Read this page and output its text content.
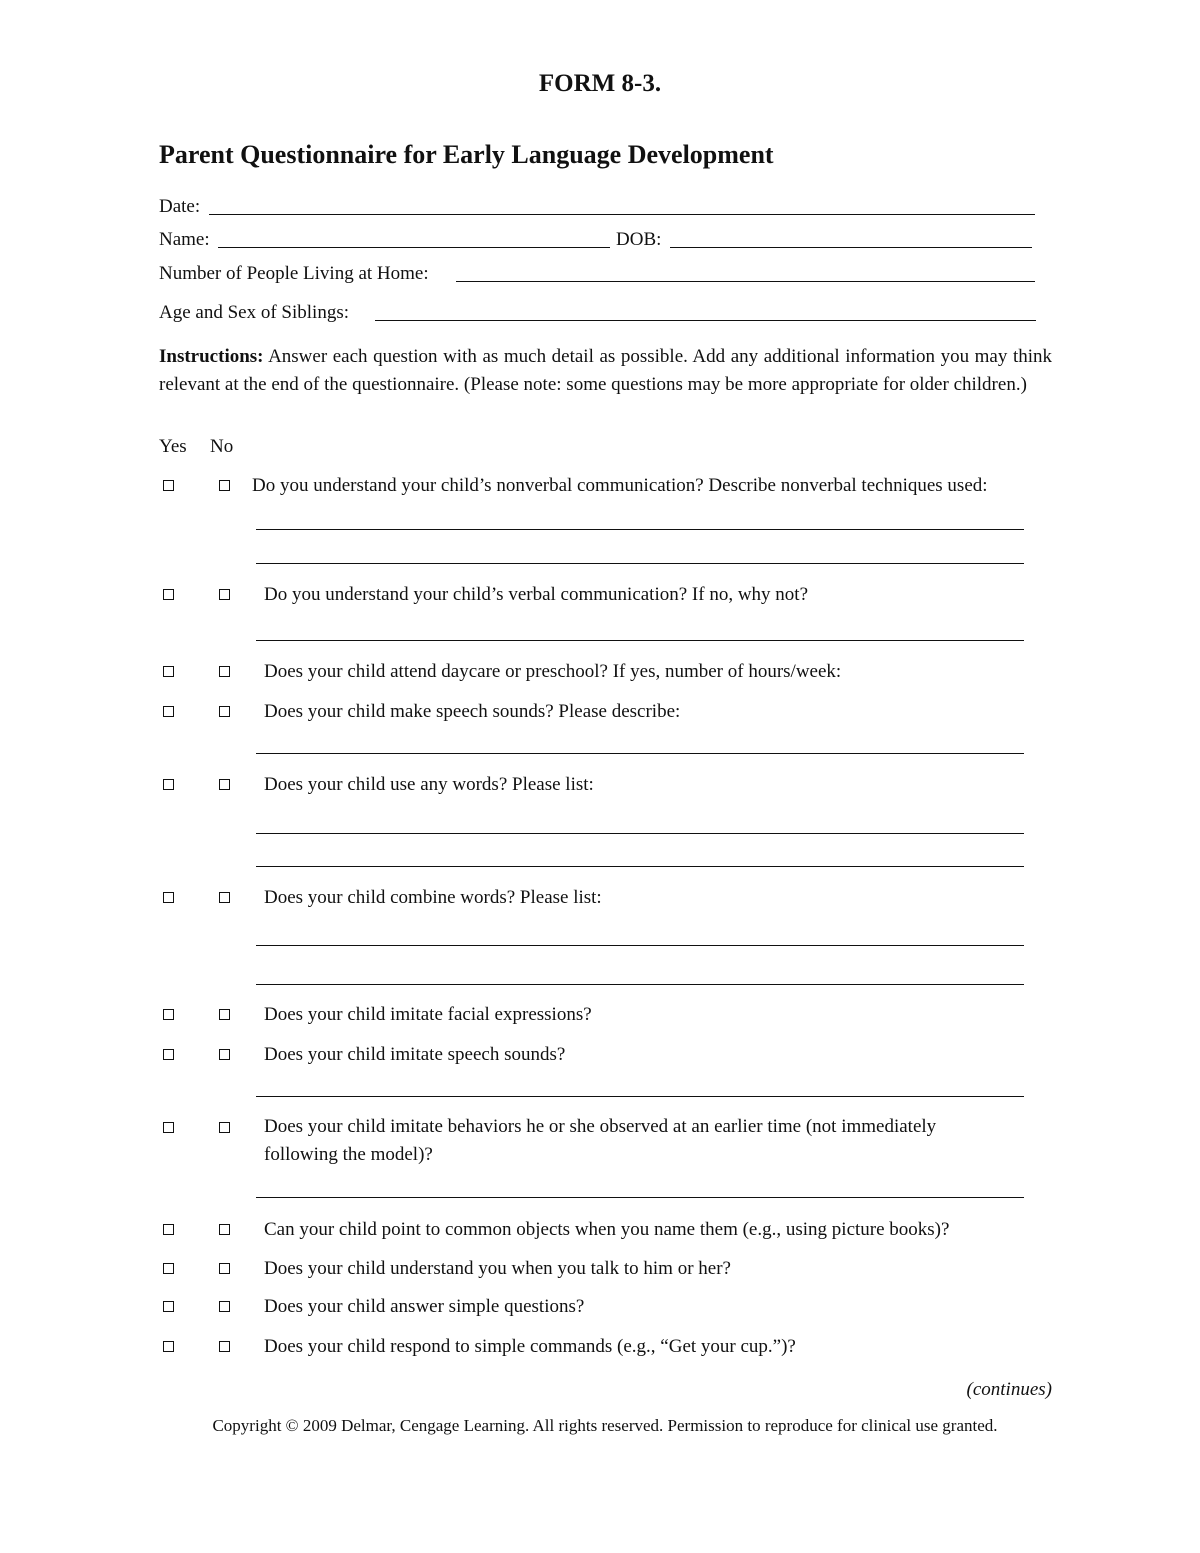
FORM 8-3.
Parent Questionnaire for Early Language Development
Date:
Name:	DOB:
Number of People Living at Home:
Age and Sex of Siblings:
Instructions: Answer each question with as much detail as possible. Add any additional information you may think relevant at the end of the questionnaire. (Please note: some questions may be more appropriate for older children.)
Yes No
Do you understand your child’s nonverbal communication? Describe nonverbal techniques used:
Do you understand your child’s verbal communication? If no, why not?
Does your child attend daycare or preschool? If yes, number of hours/week:
Does your child make speech sounds? Please describe:
Does your child use any words? Please list:
Does your child combine words? Please list:
Does your child imitate facial expressions?
Does your child imitate speech sounds?
Does your child imitate behaviors he or she observed at an earlier time (not immediately following the model)?
Can your child point to common objects when you name them (e.g., using picture books)?
Does your child understand you when you talk to him or her?
Does your child answer simple questions?
Does your child respond to simple commands (e.g., “Get your cup.”)?
(continues)
Copyright © 2009 Delmar, Cengage Learning. All rights reserved. Permission to reproduce for clinical use granted.
